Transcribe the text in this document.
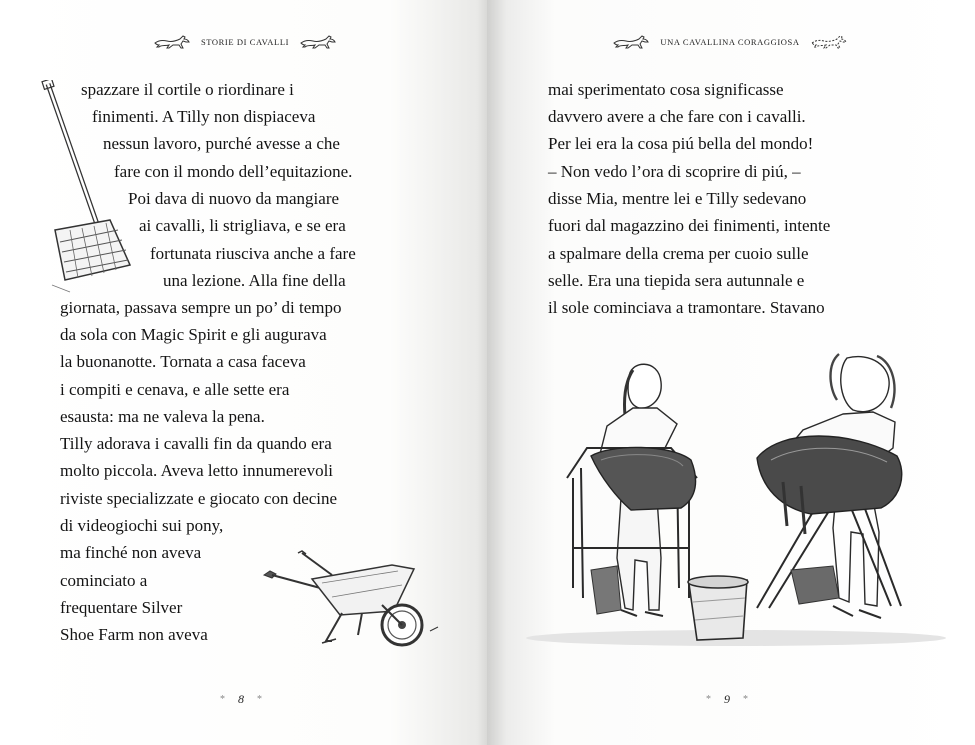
STORIE DI CAVALLI
spazzare il cortile o riordinare i
finimenti. A Tilly non dispiaceva
nessun lavoro, purché avesse a che
fare con il mondo dell’equitazione.
Poi dava di nuovo da mangiare
ai cavalli, li strigliava, e se era
fortunata riusciva anche a fare
una lezione. Alla fine della
giornata, passava sempre un po’ di tempo
da sola con Magic Spirit e gli augurava
la buonanotte. Tornata a casa faceva
i compiti e cenava, e alle sette era
esausta: ma ne valeva la pena.
Tilly adorava i cavalli fin da quando era
molto piccola. Aveva letto innumerevoli
riviste specializzate e giocato con decine
di videogiochi sui pony,
ma finché non aveva
cominciato a
frequentare Silver
Shoe Farm non aveva
* 8 *
UNA CAVALLINA CORAGGIOSA
mai sperimentato cosa significasse
davvero avere a che fare con i cavalli.
Per lei era la cosa piú bella del mondo!
– Non vedo l’ora di scoprire di piú, –
disse Mia, mentre lei e Tilly sedevano
fuori dal magazzino dei finimenti, intente
a spalmare della crema per cuoio sulle
selle. Era una tiepida sera autunnale e
il sole cominciava a tramontare. Stavano
* 9 *
